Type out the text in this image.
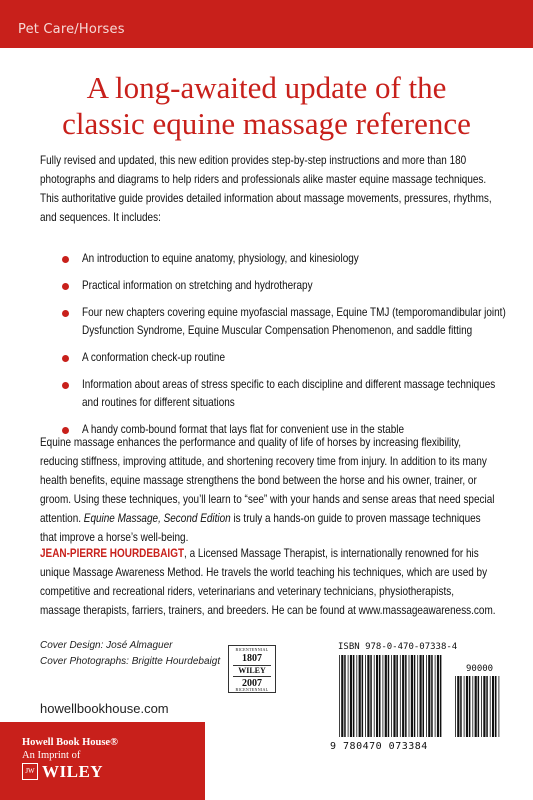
Pet Care/Horses
A long-awaited update of the
classic equine massage reference

Fully revised and updated, this new edition provides step-by-step instructions and more than 180 photographs and diagrams to help riders and professionals alike master equine massage techniques. This authoritative guide provides detailed information about massage movements, pressures, rhythms, and sequences. It includes:

An introduction to equine anatomy, physiology, and kinesiology
Practical information on stretching and hydrotherapy
Four new chapters covering equine myofascial massage, Equine TMJ (temporomandibular joint) Dysfunction Syndrome, Equine Muscular Compensation Phenomenon, and saddle fitting
A conformation check-up routine
Information about areas of stress specific to each discipline and different massage techniques and routines for different situations
A handy comb-bound format that lays flat for convenient use in the stable

Equine massage enhances the performance and quality of life of horses by increasing flexibility, reducing stiffness, improving attitude, and shortening recovery time from injury. In addition to its many health benefits, equine massage strengthens the bond between the horse and his owner, trainer, or groom. Using these techniques, you’ll learn to “see” with your hands and sense areas that need special attention. Equine Massage, Second Edition is truly a hands-on guide to proven massage techniques that improve a horse’s well-being.

JEAN-PIERRE HOURDEBAIGT, a Licensed Massage Therapist, is internationally renowned for his unique Massage Awareness Method. He travels the world teaching his techniques, which are used by competitive and recreational riders, veterinarians and veterinary technicians, physiotherapists, massage therapists, farriers, trainers, and breeders. He can be found at www.massageawareness.com.

Cover Design: José Almaguer
Cover Photographs: Brigitte Hourdebaigt
BICENTENNIAL
1807
WILEY
2007
BICENTENNIAL
howellbookhouse.com
ISBN 978-0-470-07338-4
90000
9 780470 073384
Howell Book House®
An Imprint of
JW WILEY
